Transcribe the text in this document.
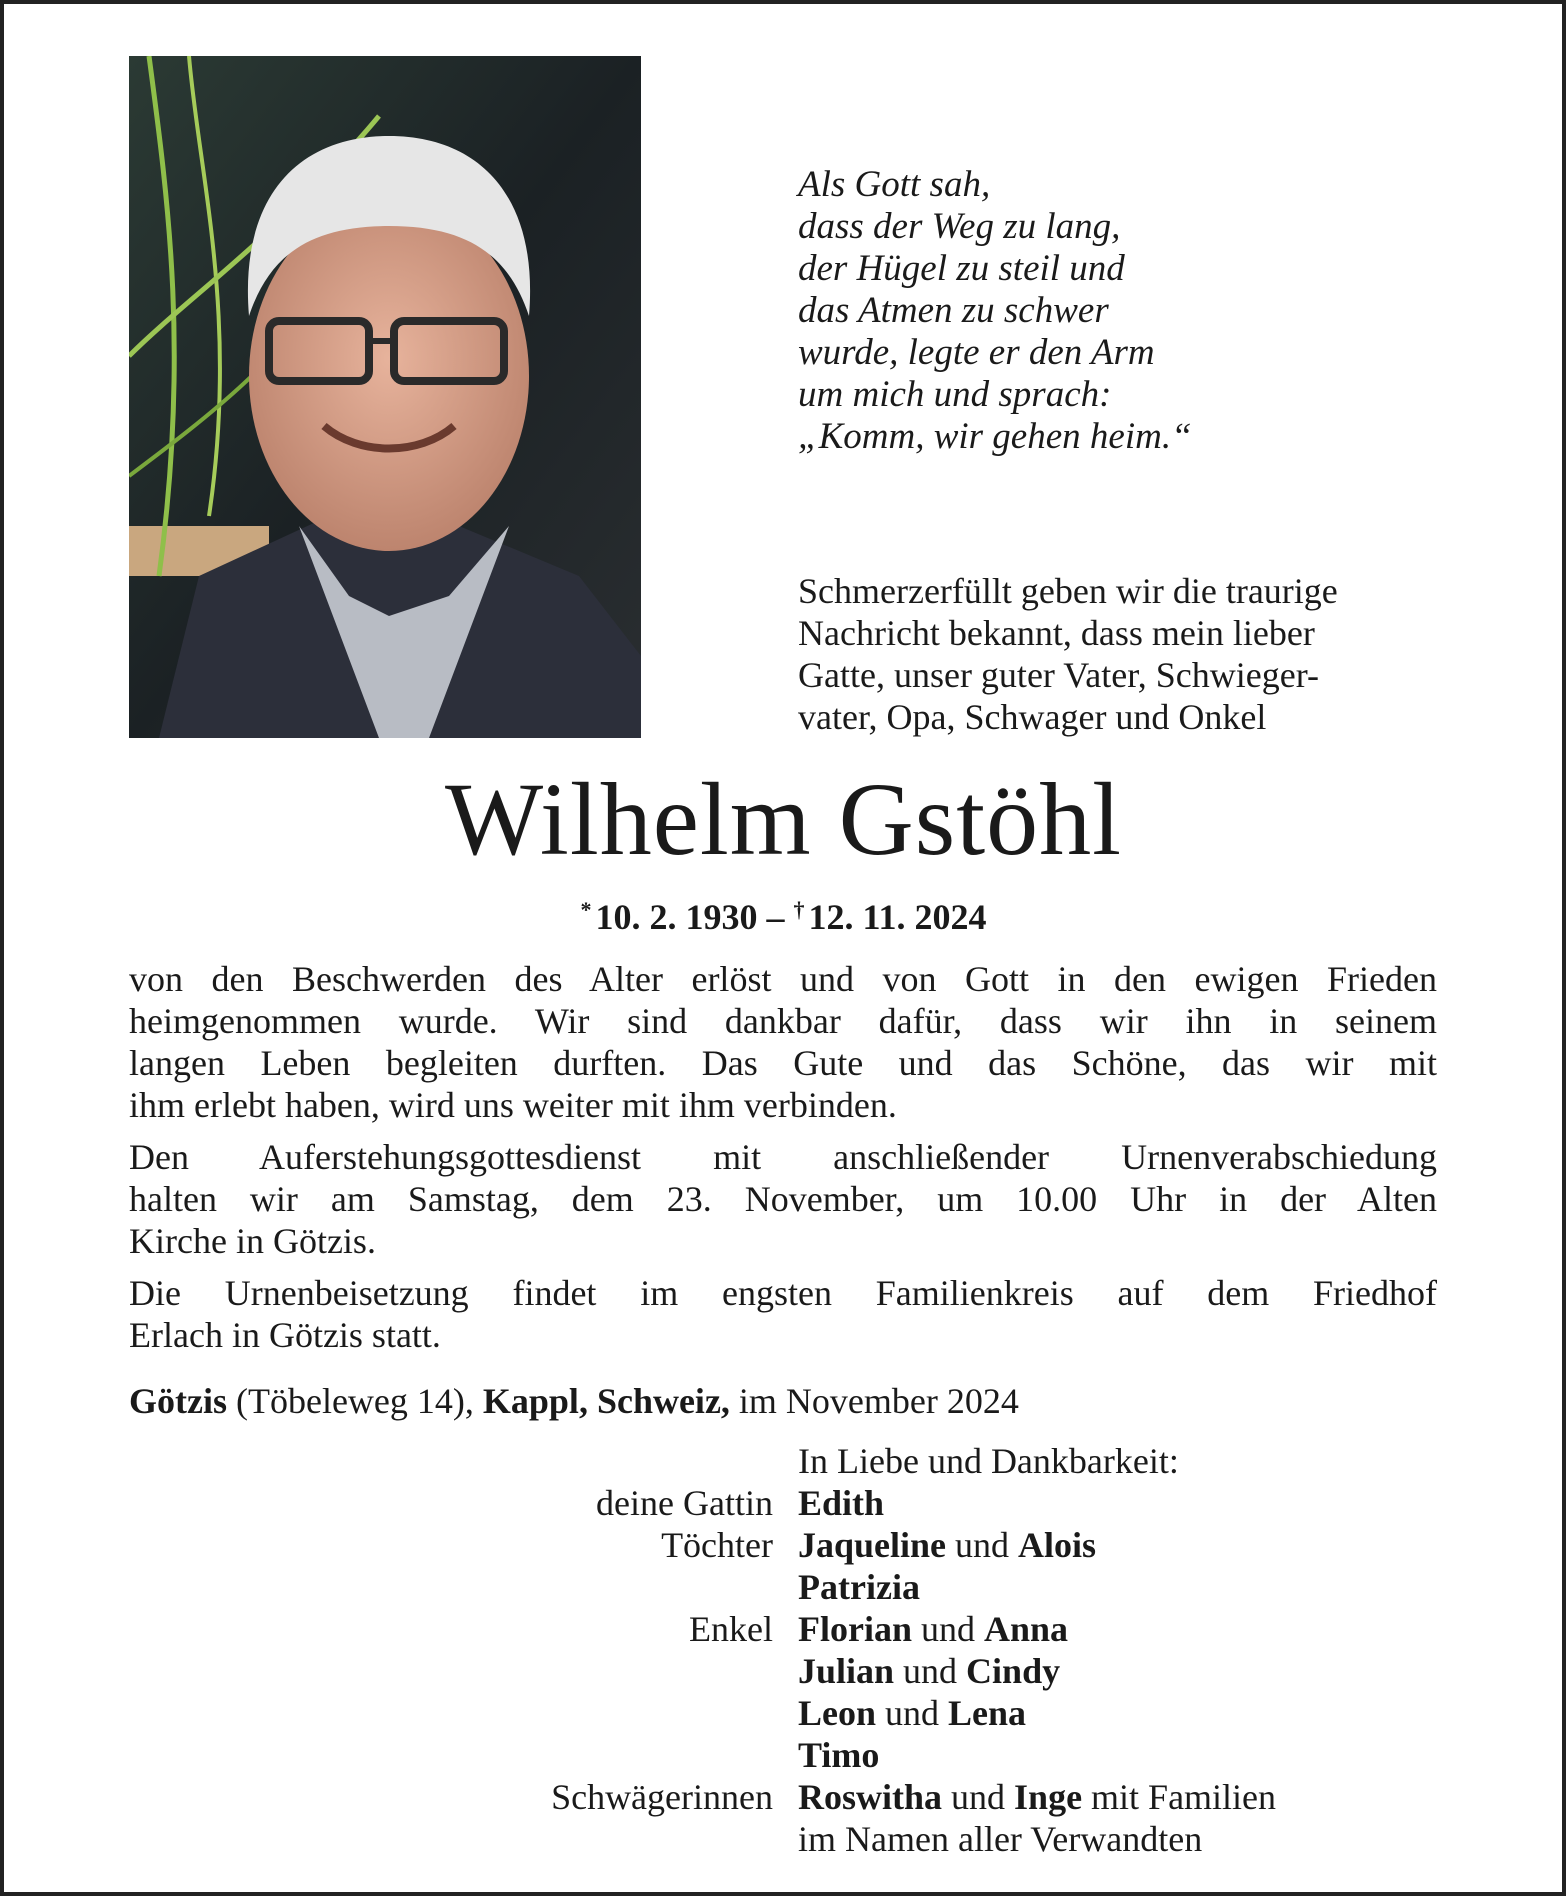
Als Gott sah,
dass der Weg zu lang,
der Hügel zu steil und
das Atmen zu schwer
wurde, legte er den Arm
um mich und sprach:
„Komm, wir gehen heim.“
Schmerzerfüllt geben wir die traurige
Nachricht bekannt, dass mein lieber
Gatte, unser guter Vater, Schwieger-
vater, Opa, Schwager und Onkel
Wilhelm Gstöhl
* 10. 2. 1930 – † 12. 11. 2024

von den Beschwerden des Alter erlöst und von Gott in den ewigen Frieden
heimgenommen wurde. Wir sind dankbar dafür, dass wir ihn in seinem
langen Leben begleiten durften. Das Gute und das Schöne, das wir mit
ihm erlebt haben, wird uns weiter mit ihm verbinden.

Den Auferstehungsgottesdienst mit anschließender Urnenverabschiedung
halten wir am Samstag, dem 23. November, um 10.00 Uhr in der Alten
Kirche in Götzis.

Die Urnenbeisetzung findet im engsten Familienkreis auf dem Friedhof
Erlach in Götzis statt.

Götzis (Töbeleweg 14), Kappl, Schweiz, im November 2024
In Liebe und Dankbarkeit:
deine Gattin Edith
Töchter Jaqueline und Alois
Patrizia
Enkel Florian und Anna
Julian und Cindy
Leon und Lena
Timo
Schwägerinnen Roswitha und Inge mit Familien
im Namen aller Verwandten
